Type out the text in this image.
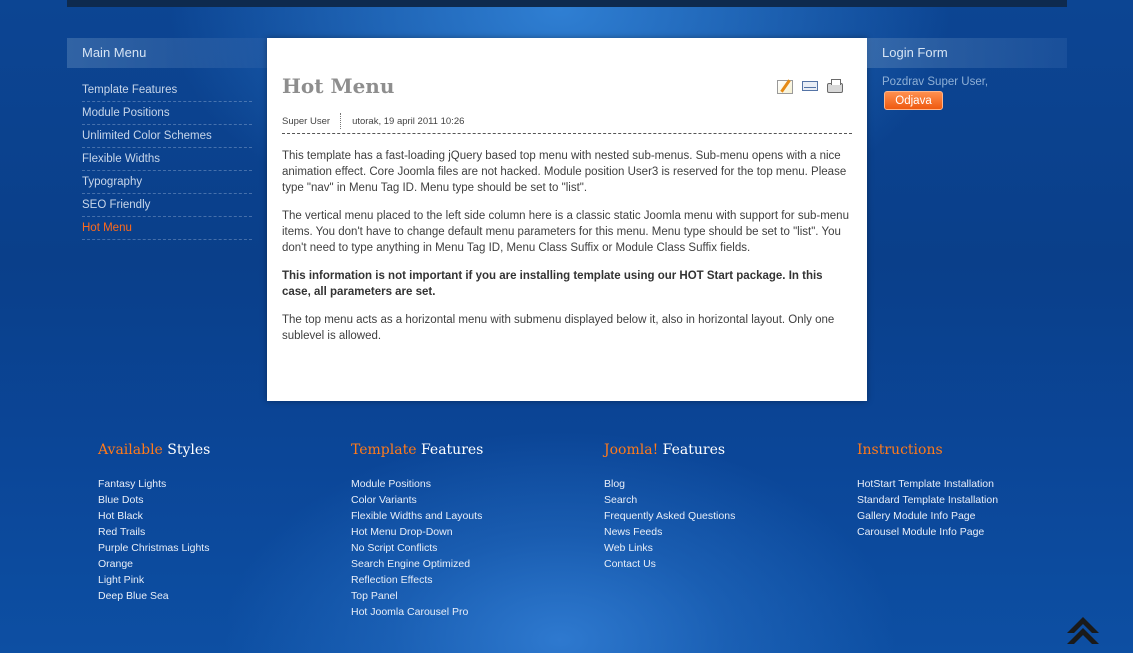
Main Menu
Template Features
Module Positions
Unlimited Color Schemes
Flexible Widths
Typography
SEO Friendly
Hot Menu
Hot Menu
Super User utorak, 19 april 2011 10:26

This template has a fast-loading jQuery based top menu with nested sub-menus. Sub-menu opens with a nice animation effect. Core Joomla files are not hacked. Module position User3 is reserved for the top menu. Please type "nav" in Menu Tag ID. Menu type should be set to "list".

The vertical menu placed to the left side column here is a classic static Joomla menu with support for sub-menu items. You don't have to change default menu parameters for this menu. Menu type should be set to "list". You don't need to type anything in Menu Tag ID, Menu Class Suffix or Module Class Suffix fields.

This information is not important if you are installing template using our HOT Start package. In this case, all parameters are set.

The top menu acts as a horizontal menu with submenu displayed below it, also in horizontal layout. Only one sublevel is allowed.

Login Form
Pozdrav Super User,
Odjava
Available Styles
Fantasy Lights
Blue Dots
Hot Black
Red Trails
Purple Christmas Lights
Orange
Light Pink
Deep Blue Sea
Template Features
Module Positions
Color Variants
Flexible Widths and Layouts
Hot Menu Drop-Down
No Script Conflicts
Search Engine Optimized
Reflection Effects
Top Panel
Hot Joomla Carousel Pro
Joomla! Features
Blog
Search
Frequently Asked Questions
News Feeds
Web Links
Contact Us
Instructions
HotStart Template Installation
Standard Template Installation
Gallery Module Info Page
Carousel Module Info Page
